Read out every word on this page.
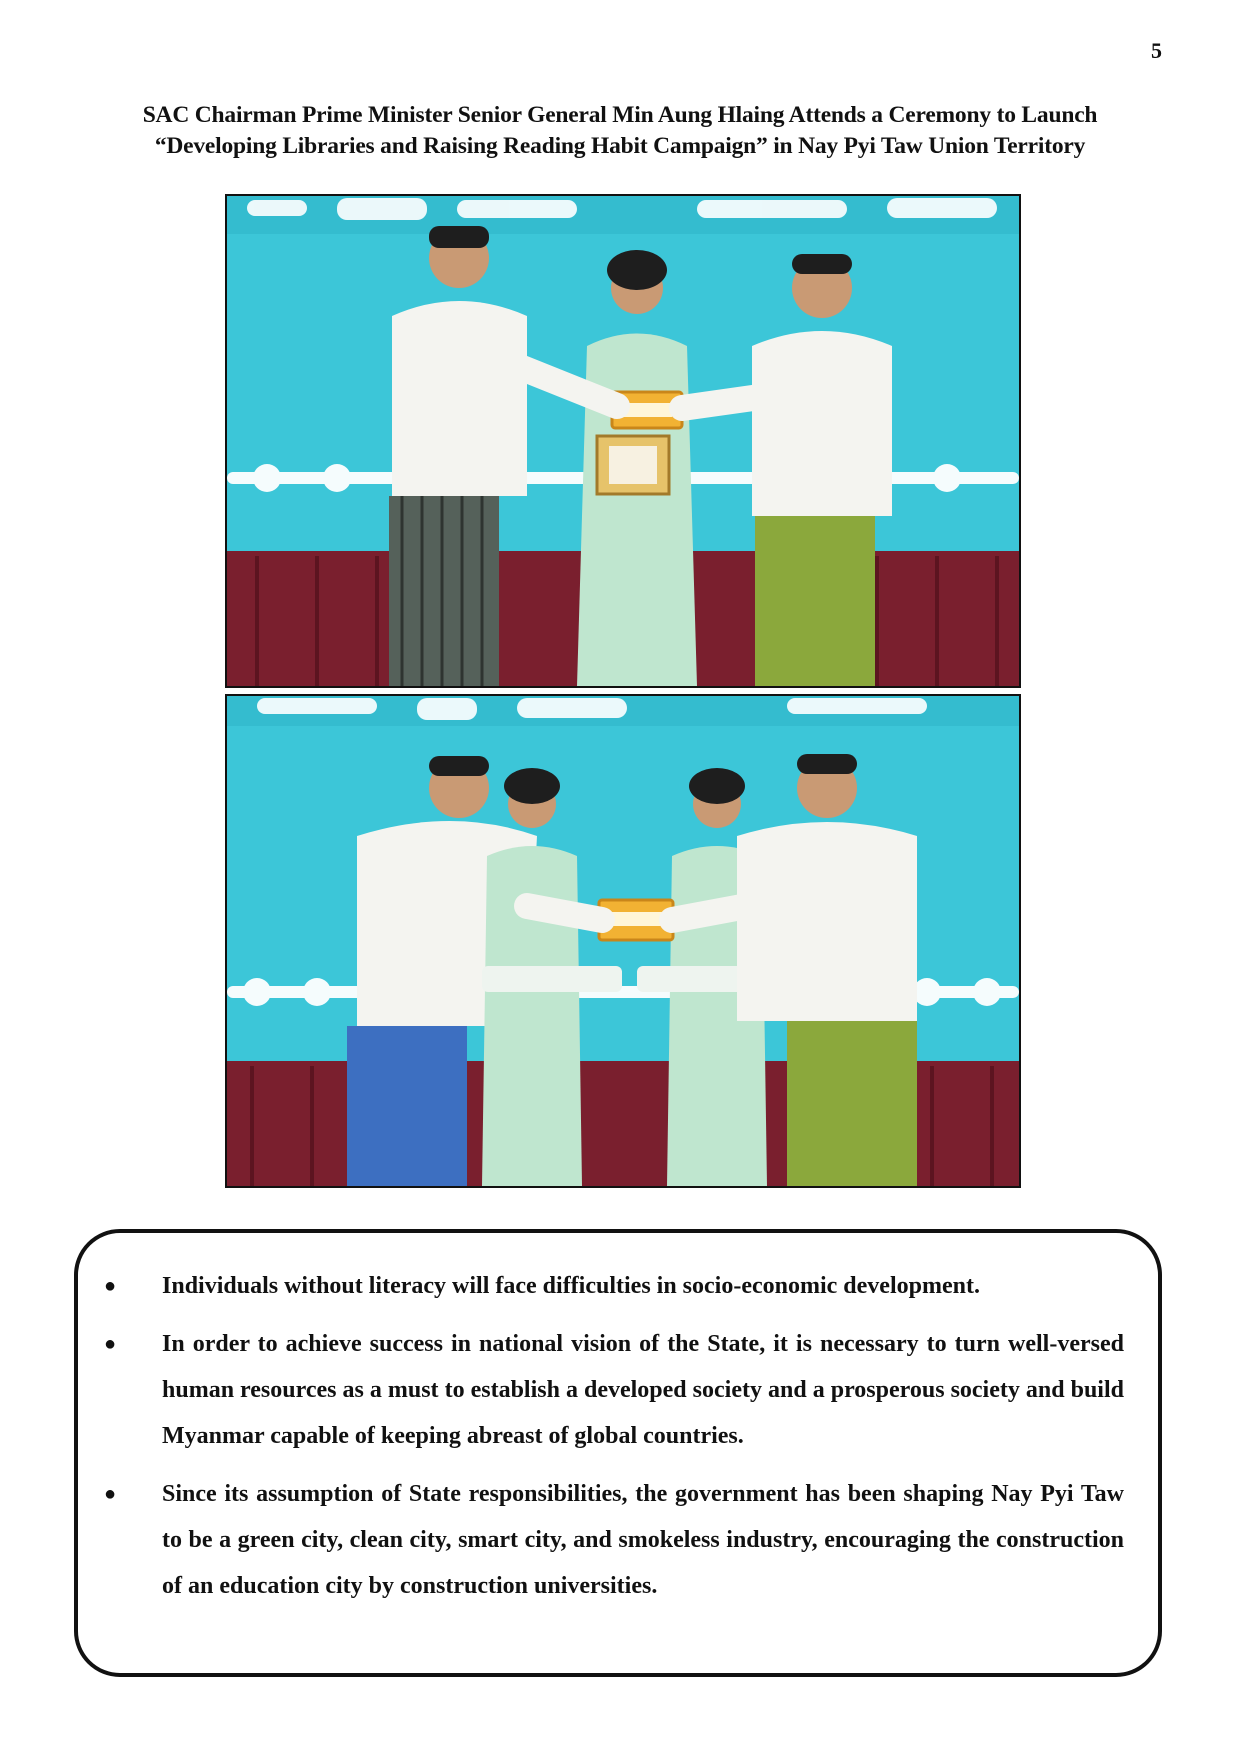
5
SAC Chairman Prime Minister Senior General Min Aung Hlaing Attends a Ceremony to Launch
“Developing Libraries and Raising Reading Habit Campaign” in Nay Pyi Taw Union Territory
● Individuals without literacy will face difficulties in socio-economic development.
● In order to achieve success in national vision of the State, it is necessary to turn well-versed human resources as a must to establish a developed society and a prosperous society and build Myanmar capable of keeping abreast of global countries.
● Since its assumption of State responsibilities, the government has been shaping Nay Pyi Taw to be a green city, clean city, smart city, and smokeless industry, encouraging the construction of an education city by construction universities.
